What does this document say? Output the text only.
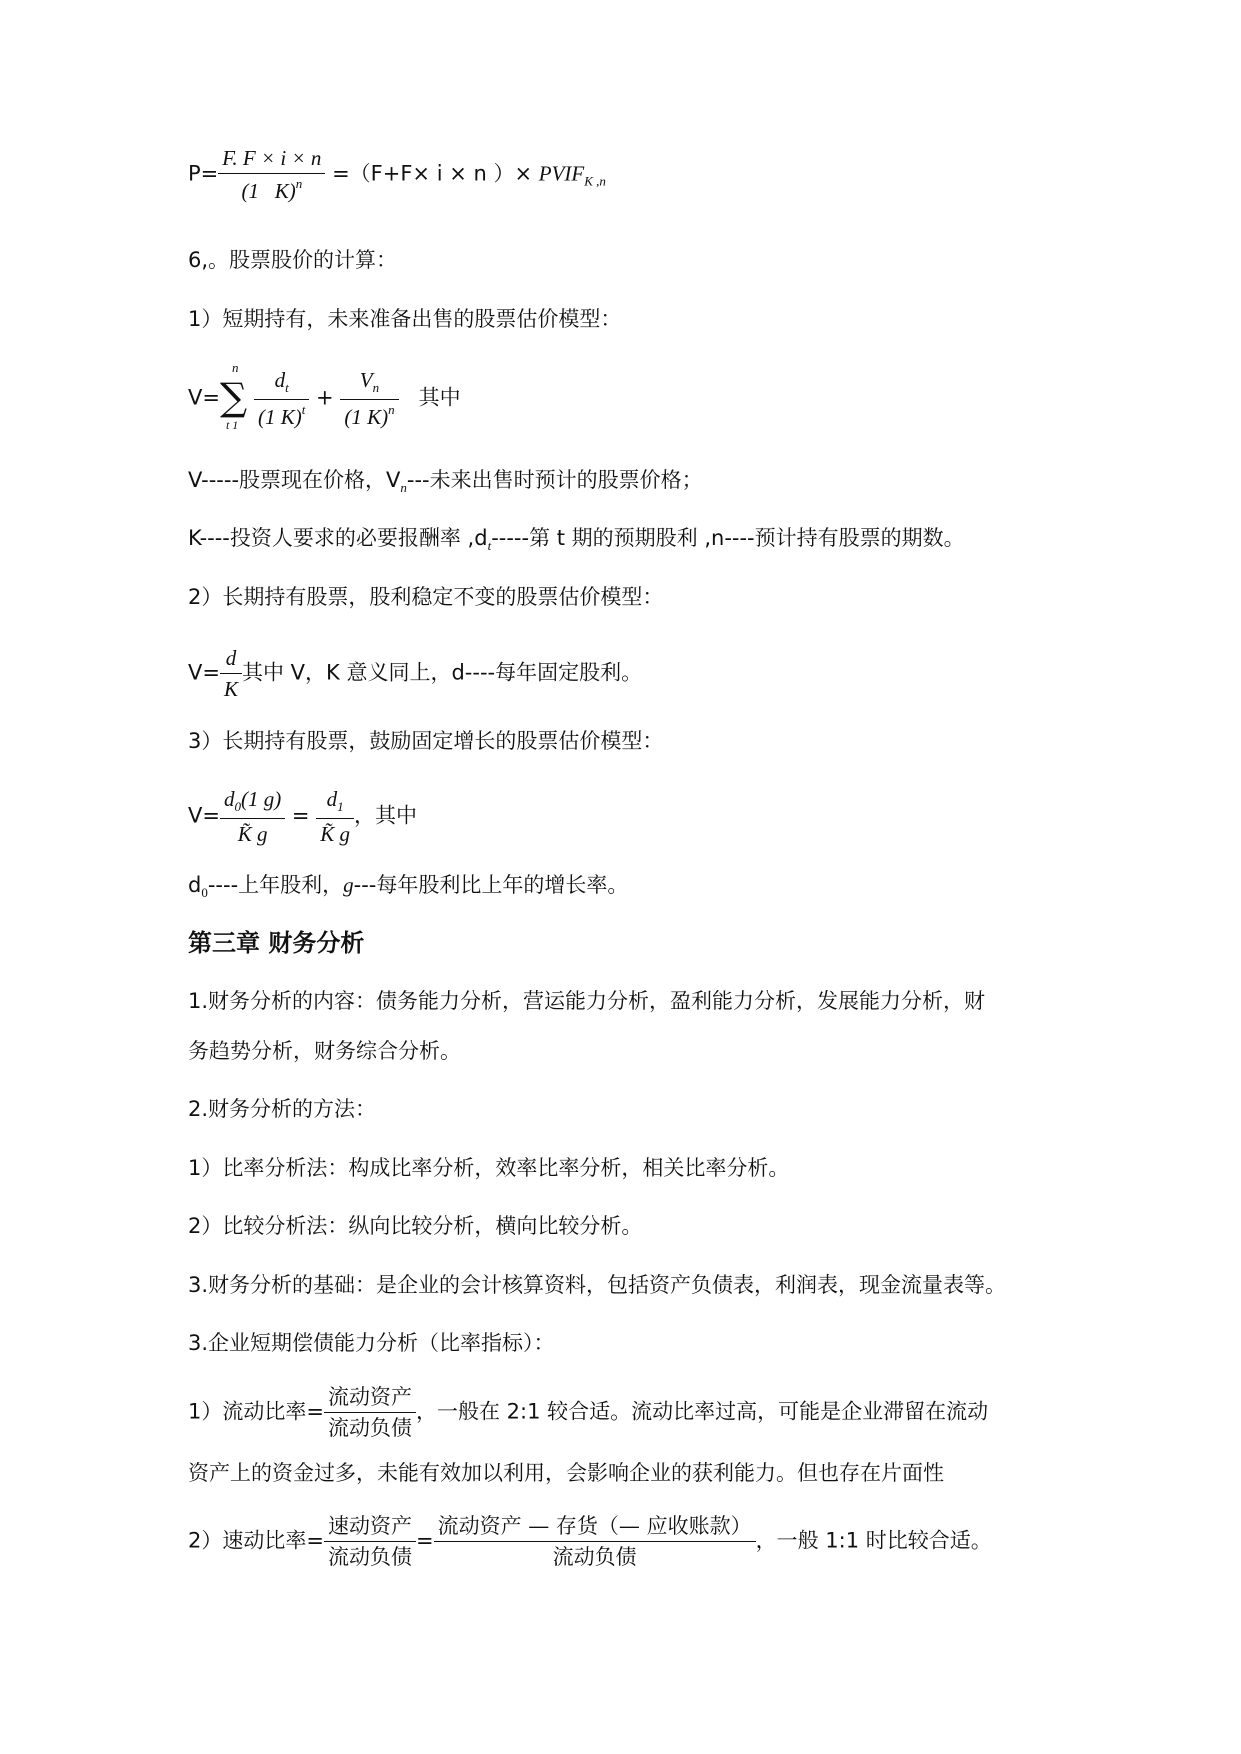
$P= \frac{F. F \times i \times n}{(1 K)^n} =(F+F\times i \times n$ ）× $PVIF_{K ,n}$
6,。股票股价的计算：
1）短期持有，未来准备出售的股票估价模型：
V=
n
∑
t $1 \frac{d_t}{(1 K)^t} + \frac{V_n}{(1 K)^n}$ 其中
V-----股票现在价格，$V_n---$未来出售时预计的股票价格；
K----投资人要求的必要报酬率 $,d_t-----$第 t 期的预期股利 ,n----预计持有股票的期数。
2）长期持有股票，股利稳定不变的股票估价模型：
$V= \frac{d}{K}$ 其中 V，K 意义同上，d----每年固定股利。
3）长期持有股票，鼓励固定增长的股票估价模型：
$V= \frac{d_0(1 g)}{K̃ g} = \frac{d_1}{K̃ g}$ ，其中
$d_0----$上年股利，g---每年股利比上年的增长率。
第三章 财务分析
1.财务分析的内容：债务能力分析，营运能力分析，盈利能力分析，发展能力分析，财
务趋势分析，财务综合分析。
2.财务分析的方法：
1）比率分析法：构成比率分析，效率比率分析，相关比率分析。
2）比较分析法：纵向比较分析，横向比较分析。
3.财务分析的基础：是企业的会计核算资料，包括资产负债表，利润表，现金流量表等。
3.企业短期偿债能力分析（比率指标）：
1）流动比率= $\frac{\text{流动资产}}{\text{流动负债}}$ ，一般在 2:1 较合适。流动比率过高，可能是企业滞留在流动
资产上的资金过多，未能有效加以利用，会影响企业的获利能力。但也存在片面性
2）速动比率= $\frac{\text{速动资产}}{\text{流动负债}} = \frac{\text{流动资产 — 存货（— 应收账款）}}{\text{流动负债}}$ ，一般 1:1 时比较合适。
